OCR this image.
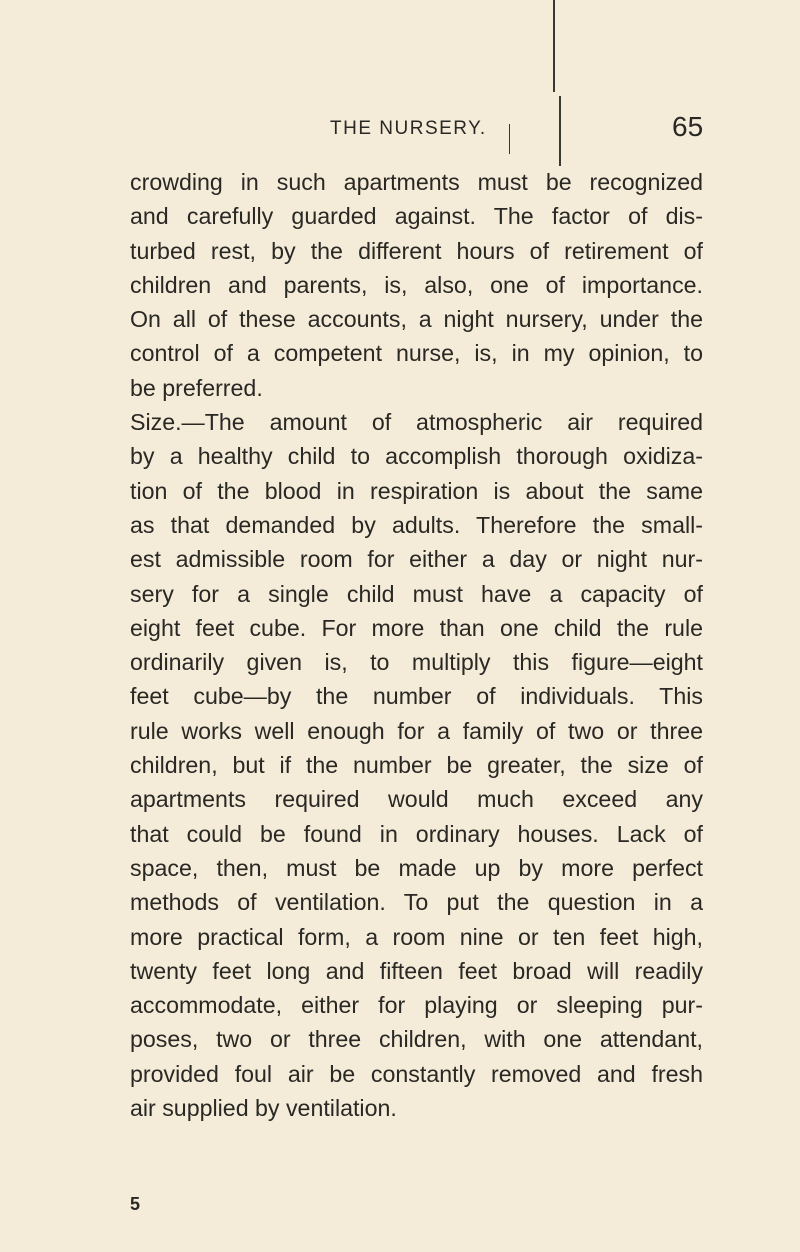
THE NURSERY.	65
crowding in such apartments must be recognized
and carefully guarded against. The factor of dis-
turbed rest, by the different hours of retirement of
children and parents, is, also, one of importance.
On all of these accounts, a night nursery, under the
control of a competent nurse, is, in my opinion, to
be preferred.
Size.—The amount of atmospheric air required
by a healthy child to accomplish thorough oxidiza-
tion of the blood in respiration is about the same
as that demanded by adults. Therefore the small-
est admissible room for either a day or night nur-
sery for a single child must have a capacity of
eight feet cube. For more than one child the rule
ordinarily given is, to multiply this figure—eight
feet cube—by the number of individuals. This
rule works well enough for a family of two or three
children, but if the number be greater, the size of
apartments required would much exceed any
that could be found in ordinary houses. Lack of
space, then, must be made up by more perfect
methods of ventilation. To put the question in a
more practical form, a room nine or ten feet high,
twenty feet long and fifteen feet broad will readily
accommodate, either for playing or sleeping pur-
poses, two or three children, with one attendant,
provided foul air be constantly removed and fresh
air supplied by ventilation.
5
